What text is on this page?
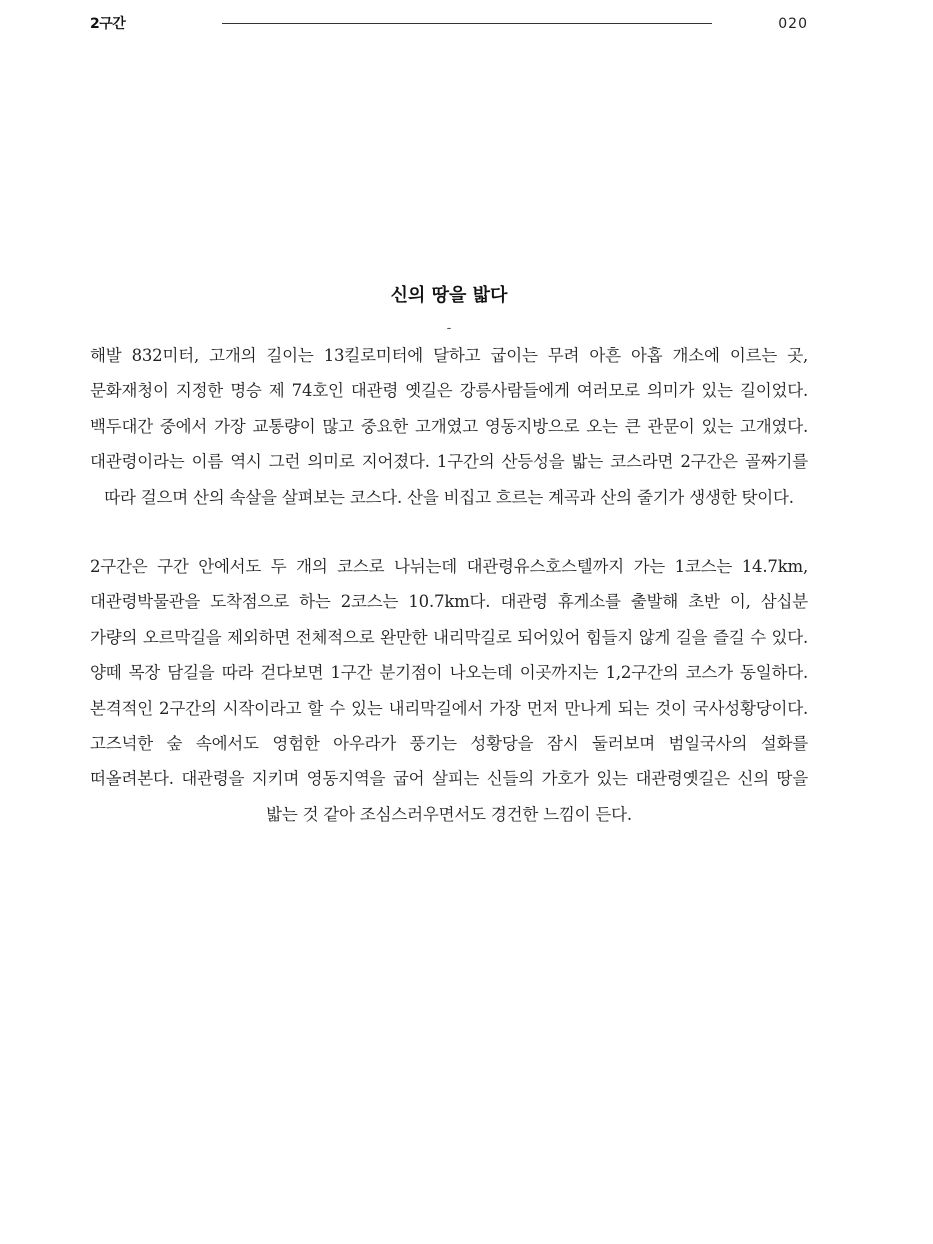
2구간	020
신의 땅을 밟다
-

해발 832미터, 고개의 길이는 13킬로미터에 달하고 굽이는 무려 아흔 아홉 개소에 이르는 곳, 문화재청이 지정한 명승 제 74호인 대관령 옛길은 강릉사람들에게 여러모로 의미가 있는 길이었다. 백두대간 중에서 가장 교통량이 많고 중요한 고개였고 영동지방으로 오는 큰 관문이 있는 고개였다. 대관령이라는 이름 역시 그런 의미로 지어졌다. 1구간의 산등성을 밟는 코스라면 2구간은 골짜기를 따라 걸으며 산의 속살을 살펴보는 코스다. 산을 비집고 흐르는 계곡과 산의 줄기가 생생한 탓이다.

2구간은 구간 안에서도 두 개의 코스로 나뉘는데 대관령유스호스텔까지 가는 1코스는 14.7km, 대관령박물관을 도착점으로 하는 2코스는 10.7km다. 대관령 휴게소를 출발해 초반 이, 삼십분 가량의 오르막길을 제외하면 전체적으로 완만한 내리막길로 되어있어 힘들지 않게 길을 즐길 수 있다. 양떼 목장 담길을 따라 걷다보면 1구간 분기점이 나오는데 이곳까지는 1,2구간의 코스가 동일하다. 본격적인 2구간의 시작이라고 할 수 있는 내리막길에서 가장 먼저 만나게 되는 것이 국사성황당이다. 고즈넉한 숲 속에서도 영험한 아우라가 풍기는 성황당을 잠시 둘러보며 범일국사의 설화를 떠올려본다. 대관령을 지키며 영동지역을 굽어 살피는 신들의 가호가 있는 대관령옛길은 신의 땅을 밟는 것 같아 조심스러우면서도 경건한 느낌이 든다.
